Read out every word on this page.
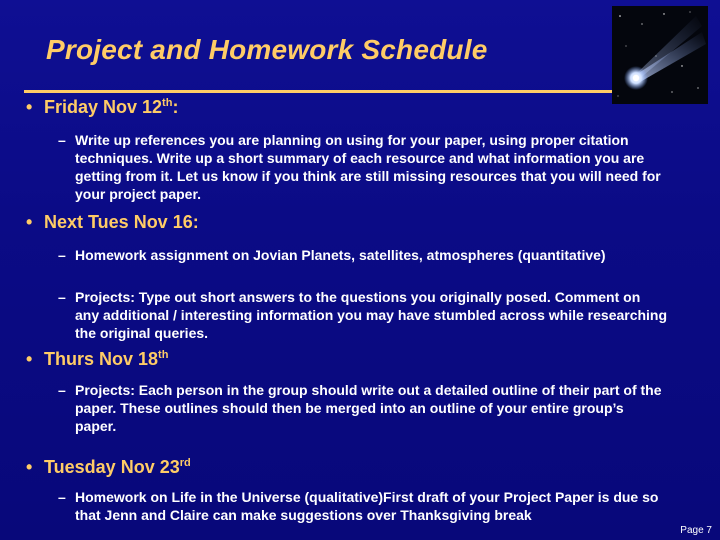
Project and Homework Schedule
• Friday Nov 12th:
– Write up references you are planning on using for your paper, using proper citation techniques. Write up a short summary of each resource and what information you are getting from it. Let us know if you think are still missing resources that you will need for your project paper.
• Next Tues Nov 16:
– Homework assignment on Jovian Planets, satellites, atmospheres (quantitative)
– Projects: Type out short answers to the questions you originally posed. Comment on any additional / interesting information you may have stumbled across while researching the original queries.
• Thurs Nov 18th
– Projects: Each person in the group should write out a detailed outline of their part of the paper. These outlines should then be merged into an outline of your entire group’s paper.
• Tuesday Nov 23rd
– Homework on Life in the Universe (qualitative)First draft of your Project Paper is due so that Jenn and Claire can make suggestions over Thanksgiving break
Page 7
